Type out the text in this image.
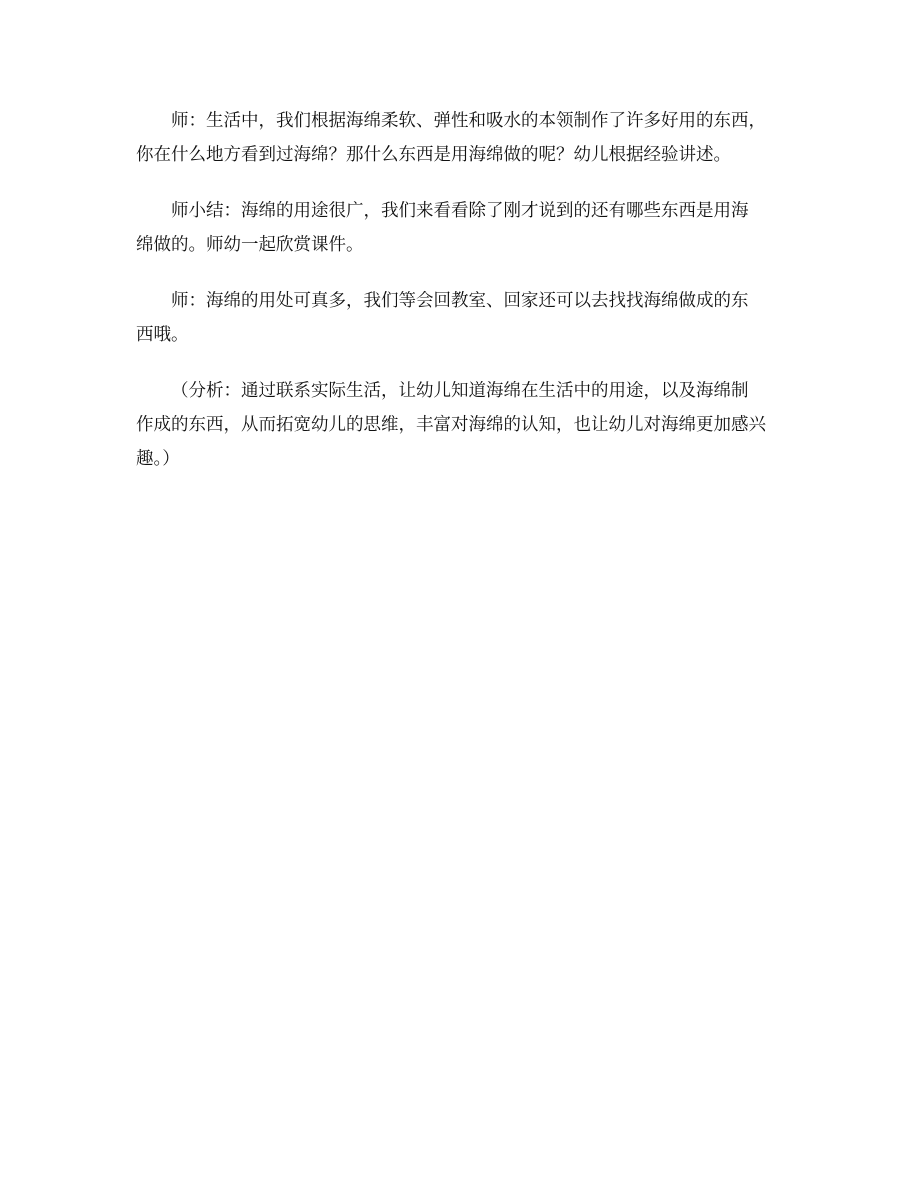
师：生活中，我们根据海绵柔软、弹性和吸水的本领制作了许多好用的东西，
你在什么地方看到过海绵？那什么东西是用海绵做的呢？幼儿根据经验讲述。

师小结：海绵的用途很广，我们来看看除了刚才说到的还有哪些东西是用海
绵做的。师幼一起欣赏课件。

师：海绵的用处可真多，我们等会回教室、回家还可以去找找海绵做成的东
西哦。

（分析：通过联系实际生活，让幼儿知道海绵在生活中的用途，以及海绵制
作成的东西，从而拓宽幼儿的思维，丰富对海绵的认知，也让幼儿对海绵更加感兴
趣。）
